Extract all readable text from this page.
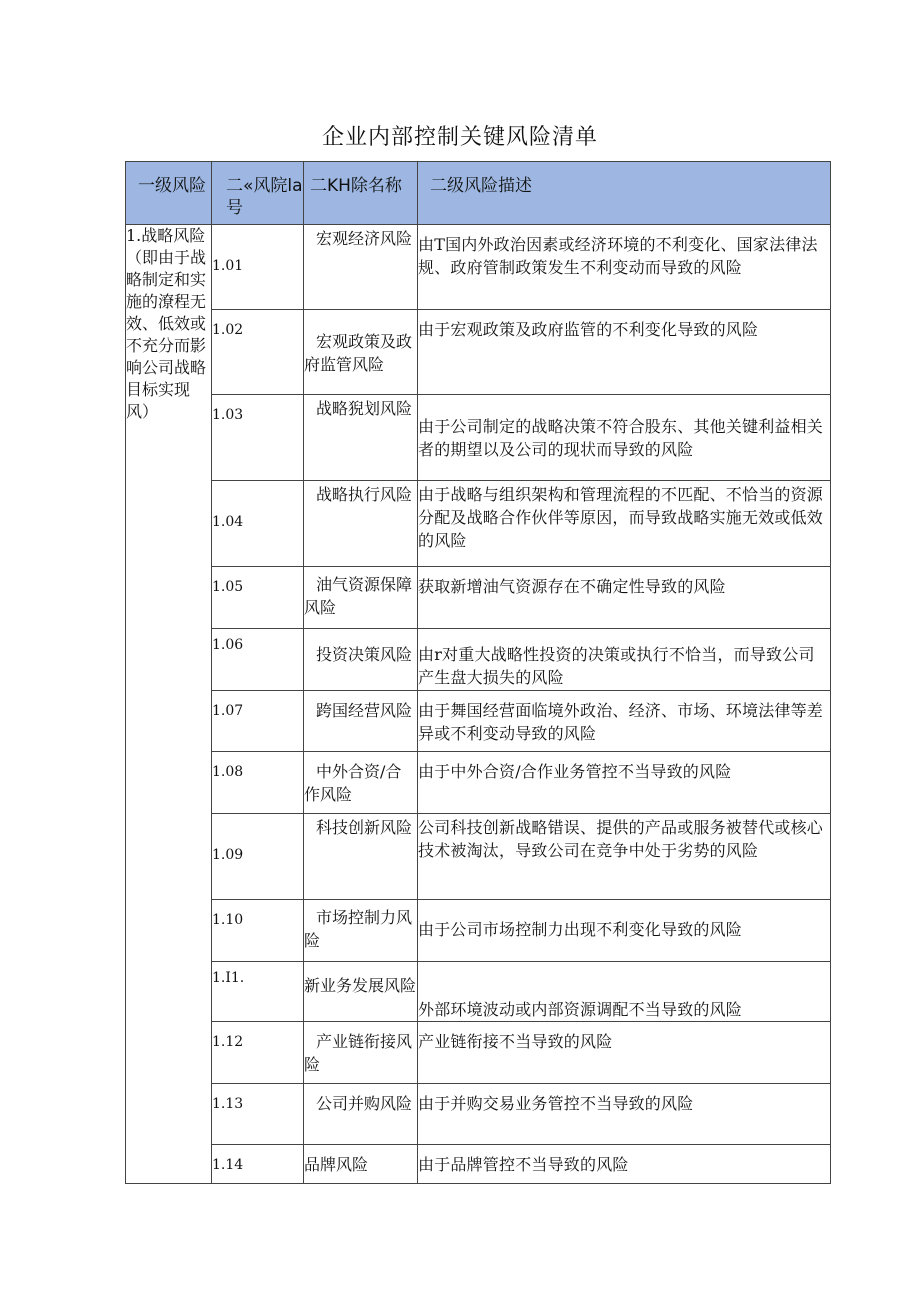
企业内部控制关键风险清单
一级风险	二«风院la号	二KH除名称	二级风险描述

1.战略风险（即由于战略制定和实施的潦程无效、低效或不充分而影响公司战略目标实现风）	1.01	宏观经济风险	由T国内外政治因素或经济环境的不利变化、国家法律法规、政府管制政策发生不利变动而导致的风险

	1.02	宏观政策及政府监管风险	由于宏观政策及政府监管的不利变化导致的风险

	1.03	战略猊划风险	由于公司制定的战略决策不符合股东、其他关键利益相关者的期望以及公司的现状而导致的风险

	1.04	战略执行风险	由于战略与组织架构和管理流程的不匹配、不恰当的资源分配及战略合作伙伴等原因，而导致战略实施无效或低效的风险

	1.05	油气资源保障风险	获取新增油气资源存在不确定性导致的风险

	1.06	投资决策风险	由r对重大战略性投资的决策或执行不恰当，而导致公司产生盘大损失的风险

	1.07	跨国经营风险	由于舞国经营面临境外政治、经济、市场、环境法律等差异或不利变动导致的风险

	1.08	中外合资/合作风险	由于中外合资/合作业务管控不当导致的风险

	1.09	科技创新风险	公司科技创新战略错误、提供的产品或服务被替代或核心技术被淘汰，导致公司在竞争中处于劣势的风险

	1.10	市场控制力风险	由于公司市场控制力出现不利变化导致的风险

	1.I1.	新业务发展风险	外部环境波动或内部资源调配不当导致的风险

	1.12	产业链衔接风险	产业链衔接不当导致的风险

	1.13	公司并购风险	由于并购交易业务管控不当导致的风险

	1.14	品牌风险	由于品牌管控不当导致的风险
